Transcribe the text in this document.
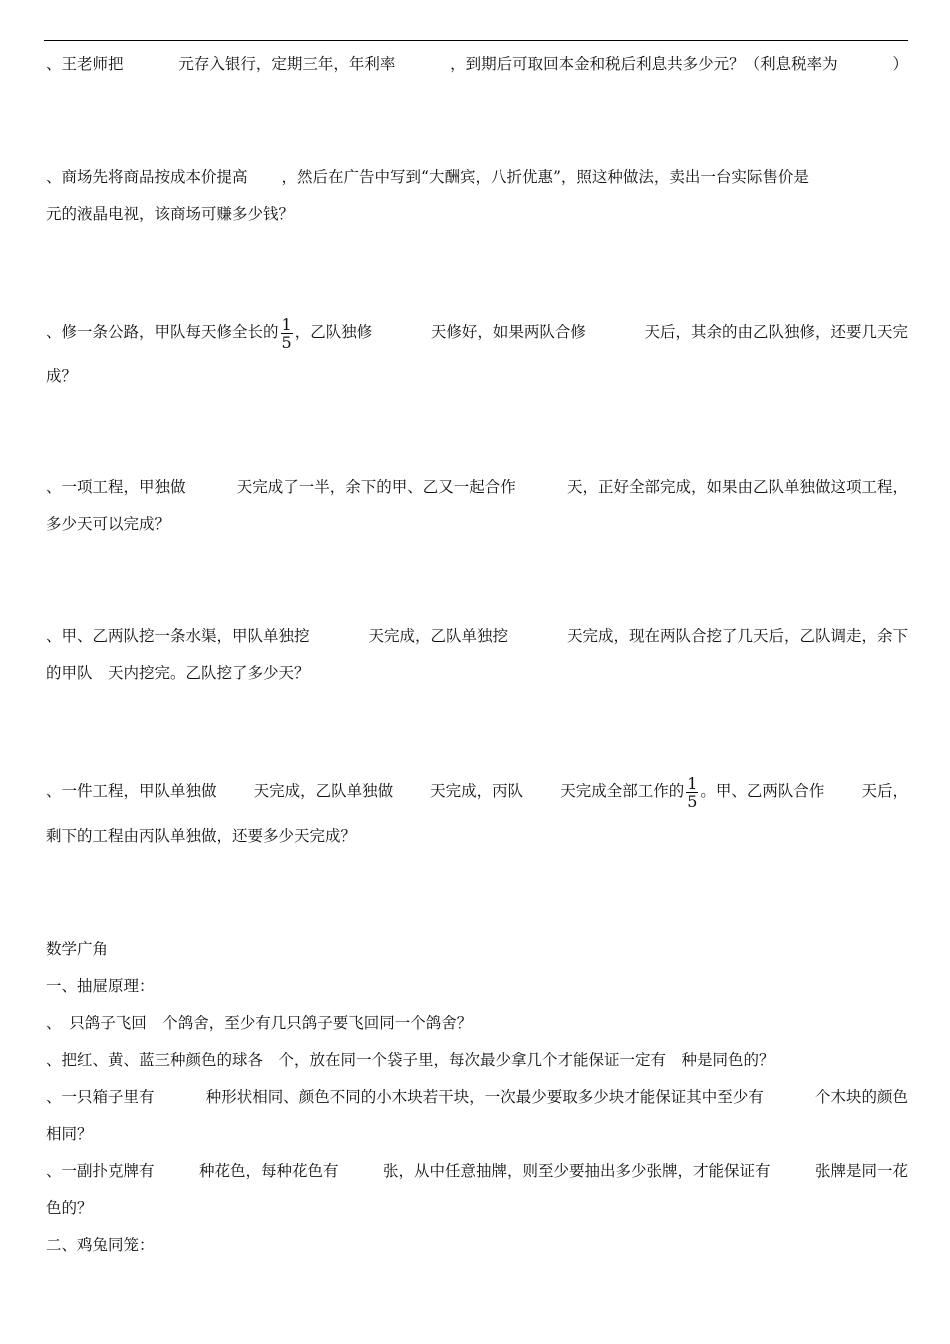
、王老师把	元存入银行，定期三年，年利率	，到期后可取回本金和税后利息共多少元？（利息税率为	）
、商场先将商品按成本价提高 ，然后在广告中写到“大酬宾，八折优惠”，照这种做法，卖出一台实际售价是
元的液晶电视，该商场可赚多少钱？
、修一条公路，甲队每天修全长的 $\frac{1}{5}$ ，乙队独修	天修好，如果两队合修	天后，其余的由乙队独修，还要几天完
成？
、一项工程，甲独做	天完成了一半，余下的甲、乙又一起合作	天，正好全部完成，如果由乙队单独做这项工程，
多少天可以完成？
、甲、乙两队挖一条水渠，甲队单独挖	天完成，乙队单独挖	天完成，现在两队合挖了几天后，乙队调走，余下
的甲队　天内挖完。乙队挖了多少天？
、一件工程，甲队单独做 天完成，乙队单独做 天完成，丙队 天完成全部工作的 $\frac{1}{5}$ 。甲、乙两队合作 天后，
剩下的工程由丙队单独做，还要多少天完成？
数学广角
一、抽屉原理：
、　只鸽子飞回　个鸽舍，至少有几只鸽子要飞回同一个鸽舍？
、把红、黄、蓝三种颜色的球各　个，放在同一个袋子里，每次最少拿几个才能保证一定有　种是同色的？
、一只箱子里有	种形状相同、颜色不同的小木块若干块，一次最少要取多少块才能保证其中至少有	个木块的颜色
相同？
、一副扑克牌有	种花色，每种花色有	张，从中任意抽牌，则至少要抽出多少张牌，才能保证有	张牌是同一花
色的？
二、鸡兔同笼：
